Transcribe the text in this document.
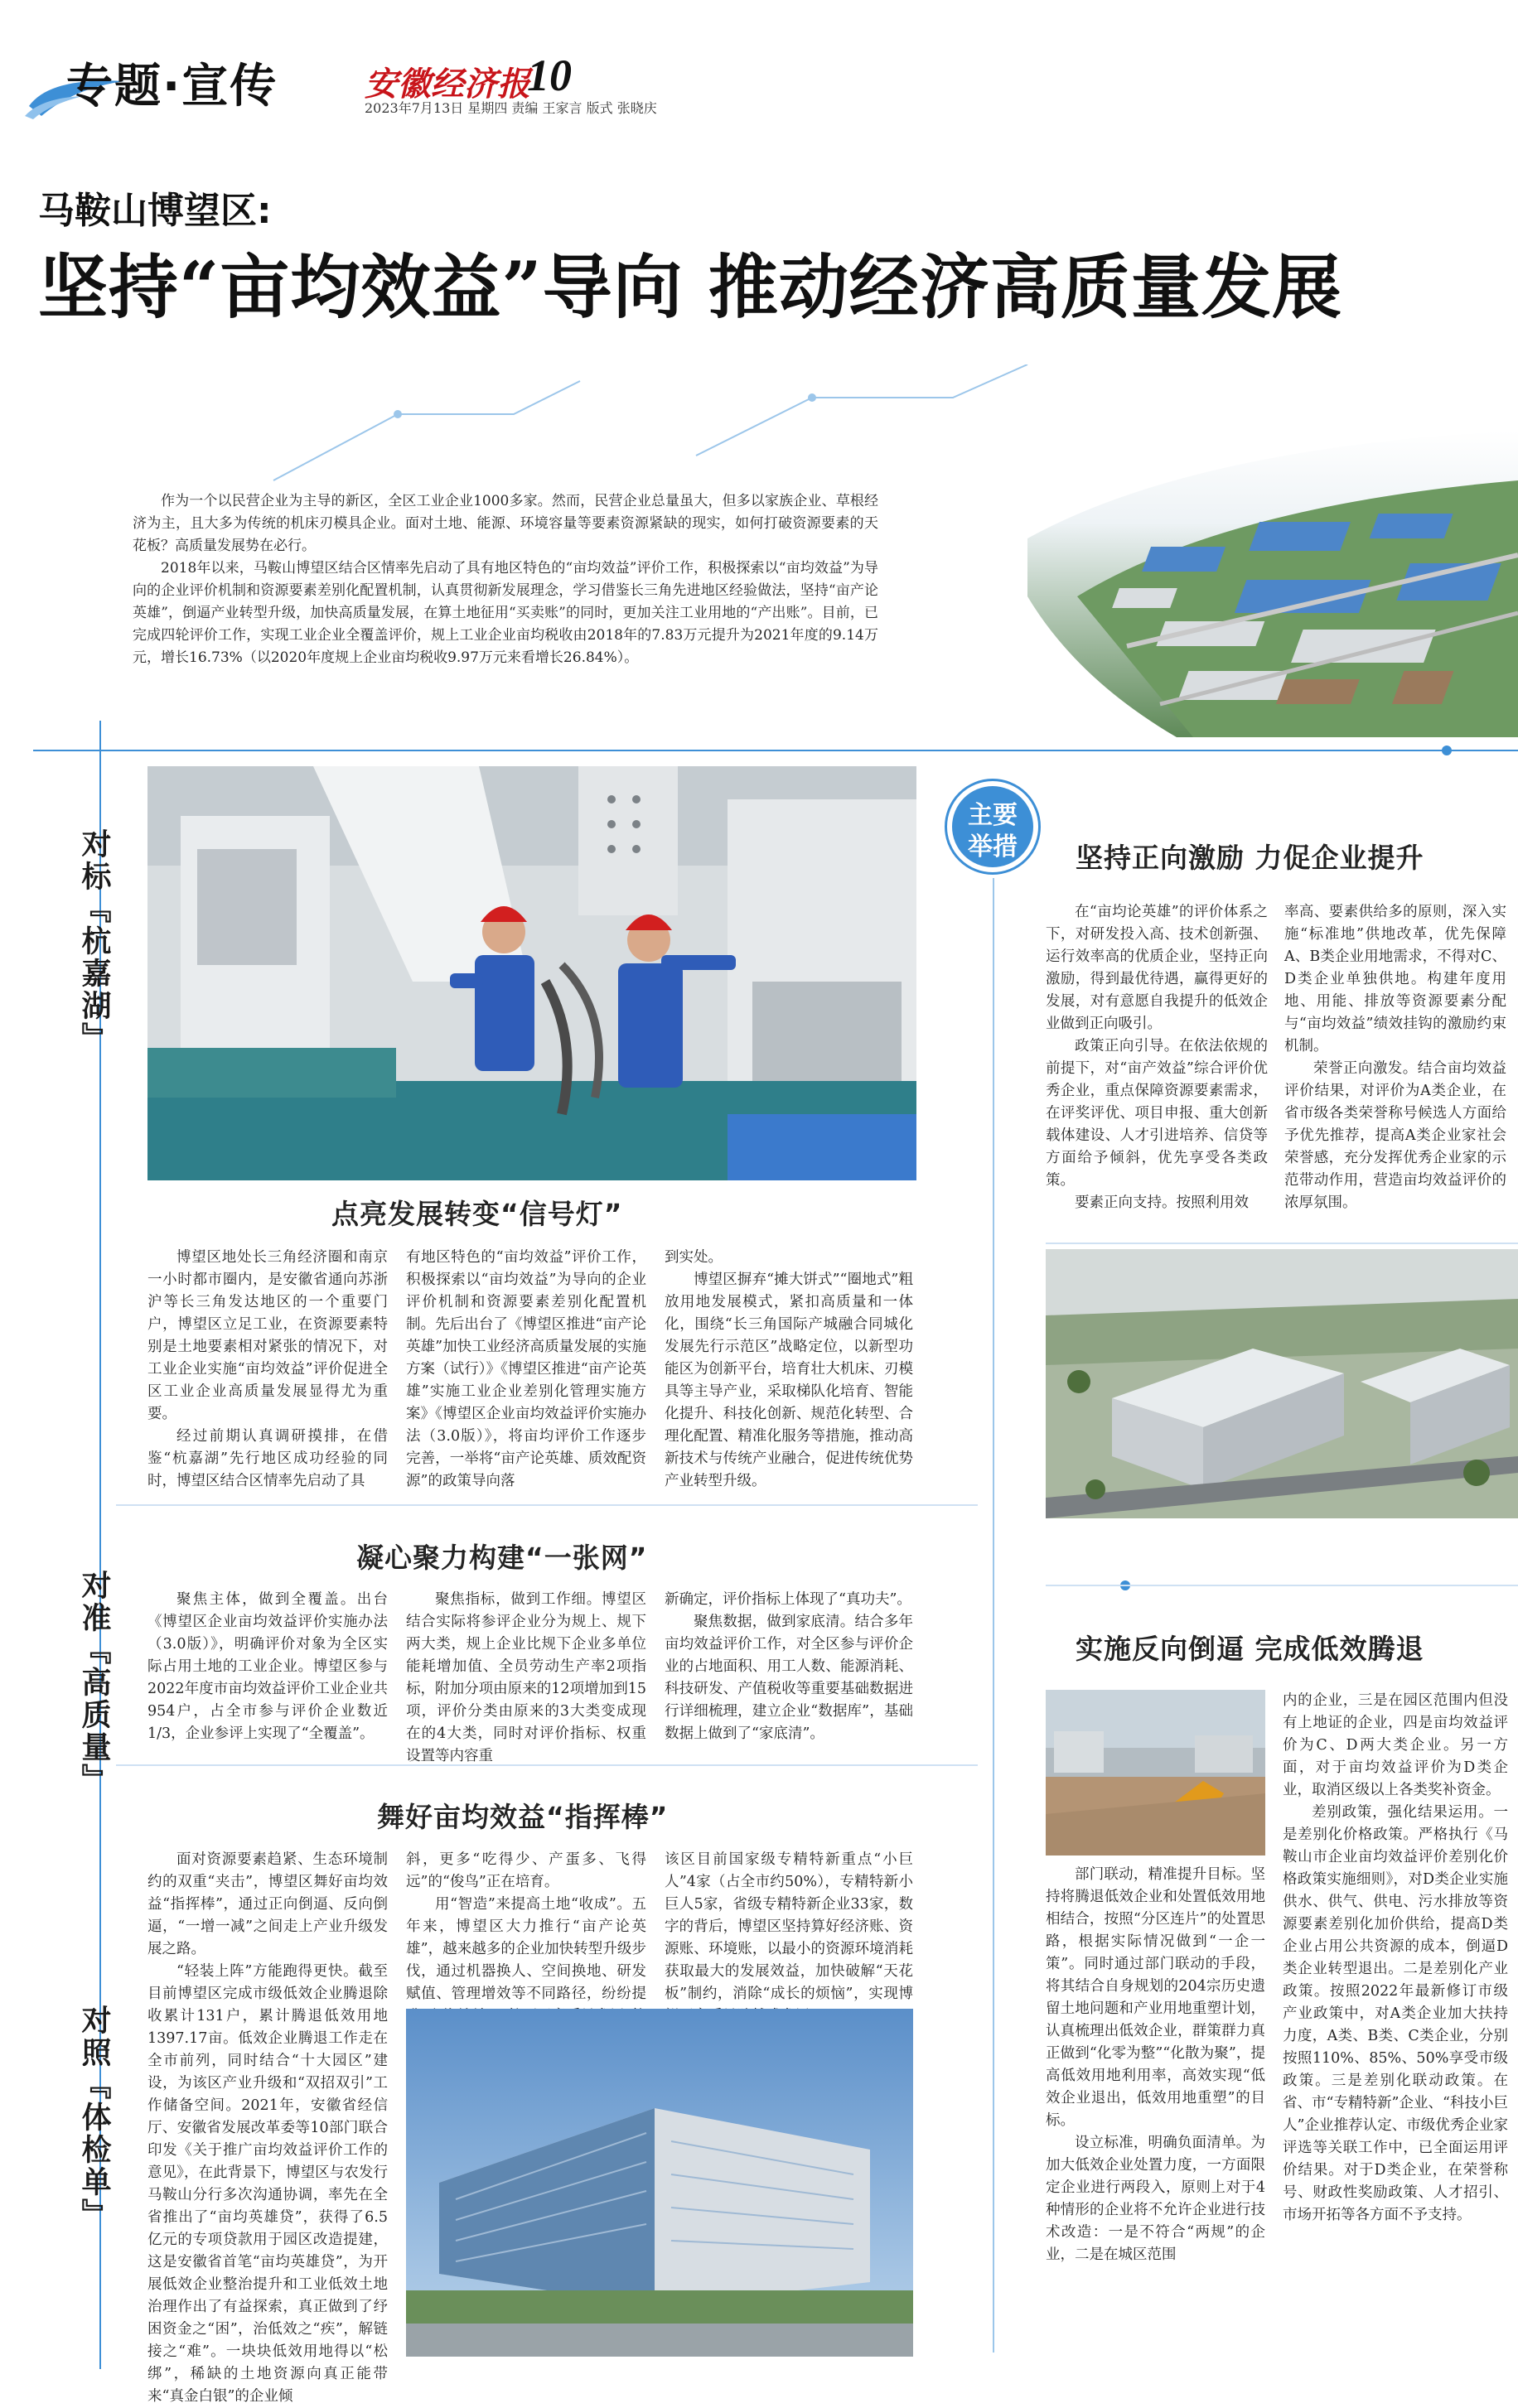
专题·宣传	安徽经济报
10
2023年7月13日 星期四 责编 王家言 版式 张晓庆
马鞍山博望区:
坚持“亩均效益”导向 推动经济高质量发展

作为一个以民营企业为主导的新区，全区工业企业1000多家。然而，民营企业总量虽大，但多以家族企业、草根经济为主，且大多为传统的机床刃模具企业。面对土地、能源、环境容量等要素资源紧缺的现实，如何打破资源要素的天花板？高质量发展势在必行。

2018年以来，马鞍山博望区结合区情率先启动了具有地区特色的“亩均效益”评价工作，积极探索以“亩均效益”为导向的企业评价机制和资源要素差别化配置机制，认真贯彻新发展理念，学习借鉴长三角先进地区经验做法，坚持“亩产论英雄”，倒逼产业转型升级，加快高质量发展，在算土地征用“买卖账”的同时，更加关注工业用地的“产出账”。目前，已完成四轮评价工作，实现工业企业全覆盖评价，规上工业企业亩均税收由2018年的7.83万元提升为2021年度的9.14万元，增长16.73%（以2020年度规上企业亩均税收9.97万元来看增长26.84%）。

对标『杭嘉湖』
对准『高质量』
对照『体检单』
主要
举措
点亮发展转变“信号灯”

博望区地处长三角经济圈和南京一小时都市圈内，是安徽省通向苏浙沪等长三角发达地区的一个重要门户，博望区立足工业，在资源要素特别是土地要素相对紧张的情况下，对工业企业实施“亩均效益”评价促进全区工业企业高质量发展显得尤为重要。

经过前期认真调研摸排，在借鉴“杭嘉湖”先行地区成功经验的同时，博望区结合区情率先启动了具

有地区特色的“亩均效益”评价工作，积极探索以“亩均效益”为导向的企业评价机制和资源要素差别化配置机制。先后出台了《博望区推进“亩产论英雄”加快工业经济高质量发展的实施方案（试行）》《博望区推进“亩产论英雄”实施工业企业差别化管理实施方案》《博望区企业亩均效益评价实施办法（3.0版）》，将亩均评价工作逐步完善，一举将“亩产论英雄、质效配资源”的政策导向落

到实处。

博望区摒弃“摊大饼式”“圈地式”粗放用地发展模式，紧扣高质量和一体化，围绕“长三角国际产城融合同城化发展先行示范区”战略定位，以新型功能区为创新平台，培育壮大机床、刃模具等主导产业，采取梯队化培育、智能化提升、科技化创新、规范化转型、合理化配置、精准化服务等措施，推动高新技术与传统产业融合，促进传统优势产业转型升级。

凝心聚力构建“一张网”

聚焦主体，做到全覆盖。出台《博望区企业亩均效益评价实施办法（3.0版）》，明确评价对象为全区实际占用土地的工业企业。博望区参与2022年度市亩均效益评价工业企业共954户，占全市参与评价企业数近1/3，企业参评上实现了“全覆盖”。

聚焦指标，做到工作细。博望区结合实际将参评企业分为规上、规下两大类，规上企业比规下企业多单位能耗增加值、全员劳动生产率2项指标，附加分项由原来的12项增加到15项，评价分类由原来的3大类变成现在的4大类，同时对评价指标、权重设置等内容重

新确定，评价指标上体现了“真功夫”。

聚焦数据，做到家底清。结合多年亩均效益评价工作，对全区参与评价企业的占地面积、用工人数、能源消耗、科技研发、产值税收等重要基础数据进行详细梳理，建立企业“数据库”，基础数据上做到了“家底清”。

舞好亩均效益“指挥棒”

面对资源要素趋紧、生态环境制约的双重“夹击”，博望区舞好亩均效益“指挥棒”，通过正向倒逼、反向倒逼，“一增一减”之间走上产业升级发展之路。

“轻装上阵”方能跑得更快。截至目前博望区完成市级低效企业腾退除收累计131户，累计腾退低效用地1397.17亩。低效企业腾退工作走在全市前列，同时结合“十大园区”建设，为该区产业升级和“双招双引”工作储备空间。2021年，安徽省经信厅、安徽省发展改革委等10部门联合印发《关于推广亩均效益评价工作的意见》，在此背景下，博望区与农发行马鞍山分行多次沟通协调，率先在全省推出了“亩均英雄贷”，获得了6.5亿元的专项贷款用于园区改造提建，这是安徽省首笔“亩均英雄贷”，为开展低效企业整治提升和工业低效土地治理作出了有益探索，真正做到了纾困资金之“困”，治低效之“疾”，解链接之“难”。一块块低效用地得以“松绑”，稀缺的土地资源向真正能带来“真金白银”的企业倾

斜，更多“吃得少、产蛋多、飞得远”的“俊鸟”正在培育。

用“智造”来提高土地“收成”。五年来，博望区大力推行“亩产论英雄”，越来越多的企业加快转型升级步伐，通过机器换人、空间换地、研发赋值、管理增效等不同路径，纷纷提

该区目前国家级专精特新重点“小巨人”4家（占全市约50%），专精特新小巨人5家，省级专精特新企业33家，数字的背后，博望区坚持算好经济账、资源账、环境账，以最小的资源环境消耗获取最大的发展效益，加快破解“天花板”制约，消除“成长的烦恼”，实现博

坚持正向激励 力促企业提升

在“亩均论英雄”的评价体系之下，对研发投入高、技术创新强、运行效率高的优质企业，坚持正向激励，得到最优待遇，赢得更好的发展，对有意愿自我提升的低效企业做到正向吸引。

政策正向引导。在依法依规的前提下，对“亩产效益”综合评价优秀企业，重点保障资源要素需求，在评奖评优、项目申报、重大创新载体建设、人才引进培养、信贷等方面给予倾斜，优先享受各类政策。

要素正向支持。按照利用效

率高、要素供给多的原则，深入实施“标准地”供地改革，优先保障A、B类企业用地需求，不得对C、D类企业单独供地。构建年度用地、用能、排放等资源要素分配与“亩均效益”绩效挂钩的激励约束机制。

荣誉正向激发。结合亩均效益评价结果，对评价为A类企业，在省市级各类荣誉称号候选人方面给予优先推荐，提高A类企业家社会荣誉感，充分发挥优秀企业家的示范带动作用，营造亩均效益评价的浓厚氛围。

实施反向倒逼 完成低效腾退

内的企业，三是在园区范围内但没有上地证的企业，四是亩均效益评价为C、D两大类企业。另一方面，对于亩均效益评价为D类企业，取消区级以上各类奖补资金。

差别政策，强化结果运用。一是差别化价格政策。严格执行《马鞍山市企业亩均效益评价差别化价格政策实施细则》，对D类企业实施供水、供气、供电、污水排放等资源要素差别化加价供给，提高D类企业占用公共资源的成本，倒逼D类企业转型退出。二是差别化产业政策。按照2022年最新修订市级产业政策中，对A类企业加大扶持力度，A类、B类、C类企业，分别按照110%、85%、50%享受市级政策。三是差别化联动政策。在省、市“专精特新”企业、“科技小巨人”企业推荐认定、市级优秀企业家评选等关联工作中，已全面运用评价结果。对于D类企业，在荣誉称号、财政性奖励政策、人才招引、市场开拓等各方面不予支持。

部门联动，精准提升目标。坚持将腾退低效企业和处置低效用地相结合，按照“分区连片”的处置思路，根据实际情况做到“一企一策”。同时通过部门联动的手段，将其结合自身规划的204宗历史遗留土地问题和产业用地重塑计划，认真梳理出低效企业，群策群力真正做到“化零为整”“化散为聚”，提高低效用地利用率，高效实现“低效企业退出，低效用地重塑”的目标。

设立标准，明确负面清单。为加大低效企业处置力度，一方面限定企业进行两段入，原则上对于4种情形的企业将不允许企业进行技术改造：一是不符合“两规”的企业，二是在城区范围
